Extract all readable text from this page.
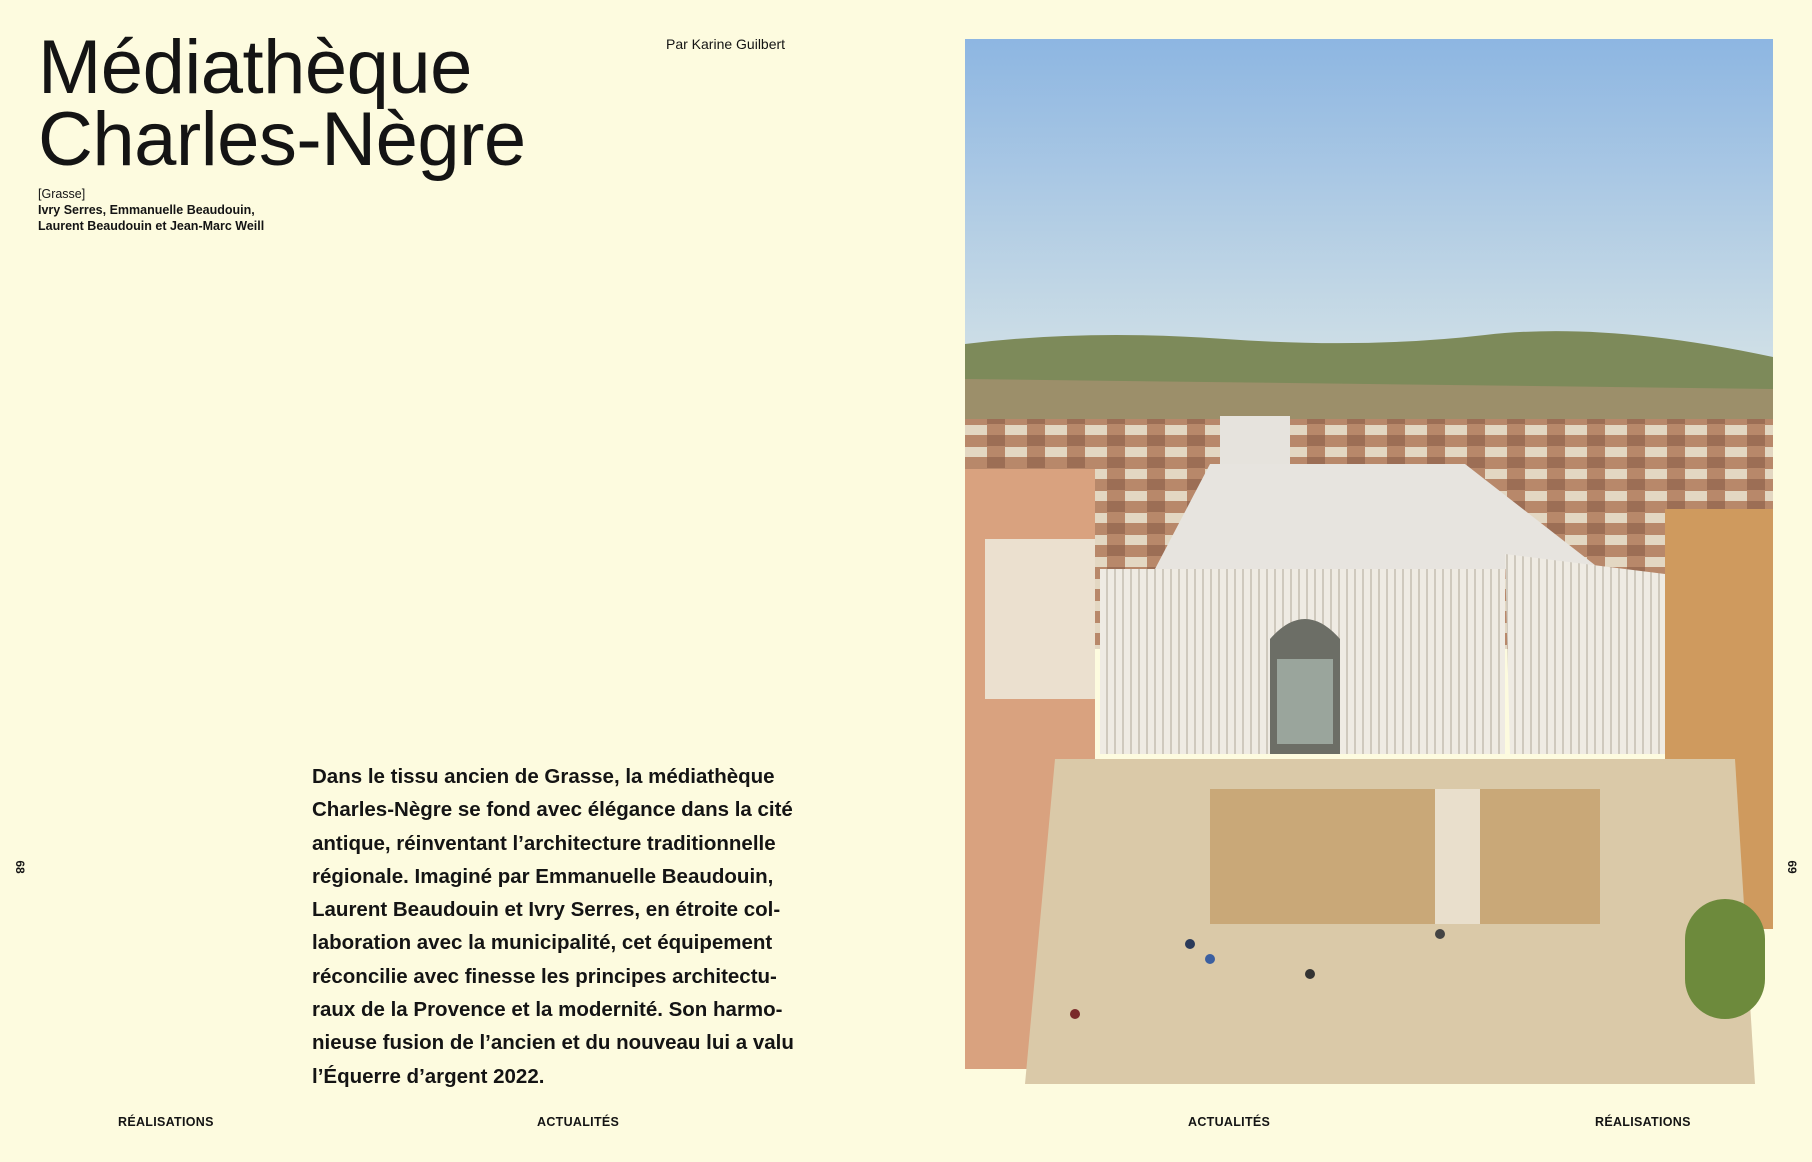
Médiathèque
Charles-Nègre
Par Karine Guilbert
[Grasse]
Ivry Serres, Emmanuelle Beaudouin,
Laurent Beaudouin et Jean-Marc Weill
Dans le tissu ancien de Grasse, la médiathèque
Charles-Nègre se fond avec élégance dans la cité
antique, réinventant l’architecture traditionnelle
régionale. Imaginé par Emmanuelle Beaudouin,
Laurent Beaudouin et Ivry Serres, en étroite col-
laboration avec la municipalité, cet équipement
réconcilie avec finesse les principes architectu-
raux de la Provence et la modernité. Son harmo-
nieuse fusion de l’ancien et du nouveau lui a valu
l’Équerre d’argent 2022.
68	69
RÉALISATIONS	ACTUALITÉS	ACTUALITÉS	RÉALISATIONS
